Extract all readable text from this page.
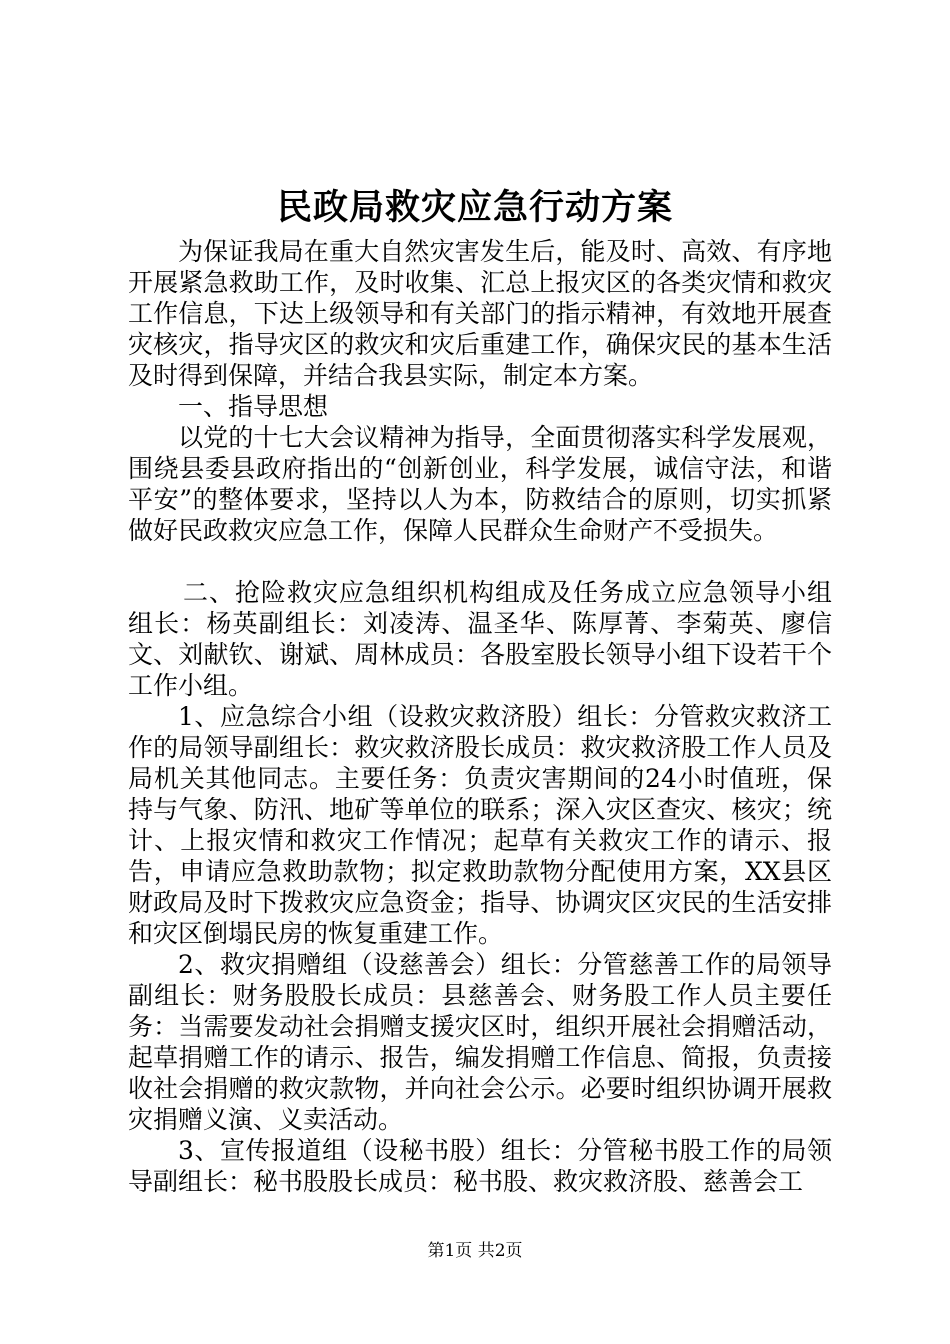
民政局救灾应急行动方案

为保证我局在重大自然灾害发生后，能及时、高效、有序地开展紧急救助工作，及时收集、汇总上报灾区的各类灾情和救灾工作信息，下达上级领导和有关部门的指示精神，有效地开展查灾核灾，指导灾区的救灾和灾后重建工作，确保灾民的基本生活及时得到保障，并结合我县实际，制定本方案。

一、指导思想

以党的十七大会议精神为指导，全面贯彻落实科学发展观，围绕县委县政府指出的“创新创业，科学发展，诚信守法，和谐平安”的整体要求，坚持以人为本，防救结合的原则，切实抓紧做好民政救灾应急工作，保障人民群众生命财产不受损失。

二、抢险救灾应急组织机构组成及任务成立应急领导小组组长：杨英副组长：刘凌涛、温圣华、陈厚菁、李菊英、廖信文、刘献钦、谢斌、周林成员：各股室股长领导小组下设若干个工作小组。

1、应急综合小组（设救灾救济股）组长：分管救灾救济工作的局领导副组长：救灾救济股长成员：救灾救济股工作人员及局机关其他同志。主要任务：负责灾害期间的24小时值班，保持与气象、防汛、地矿等单位的联系；深入灾区查灾、核灾；统计、上报灾情和救灾工作情况；起草有关救灾工作的请示、报告，申请应急救助款物；拟定救助款物分配使用方案，XX县区财政局及时下拨救灾应急资金；指导、协调灾区灾民的生活安排和灾区倒塌民房的恢复重建工作。

2、救灾捐赠组（设慈善会）组长：分管慈善工作的局领导副组长：财务股股长成员：县慈善会、财务股工作人员主要任务：当需要发动社会捐赠支援灾区时，组织开展社会捐赠活动，起草捐赠工作的请示、报告，编发捐赠工作信息、简报，负责接收社会捐赠的救灾款物，并向社会公示。必要时组织协调开展救灾捐赠义演、义卖活动。

3、宣传报道组（设秘书股）组长：分管秘书股工作的局领导副组长：秘书股股长成员：秘书股、救灾救济股、慈善会工

第1页 共2页
